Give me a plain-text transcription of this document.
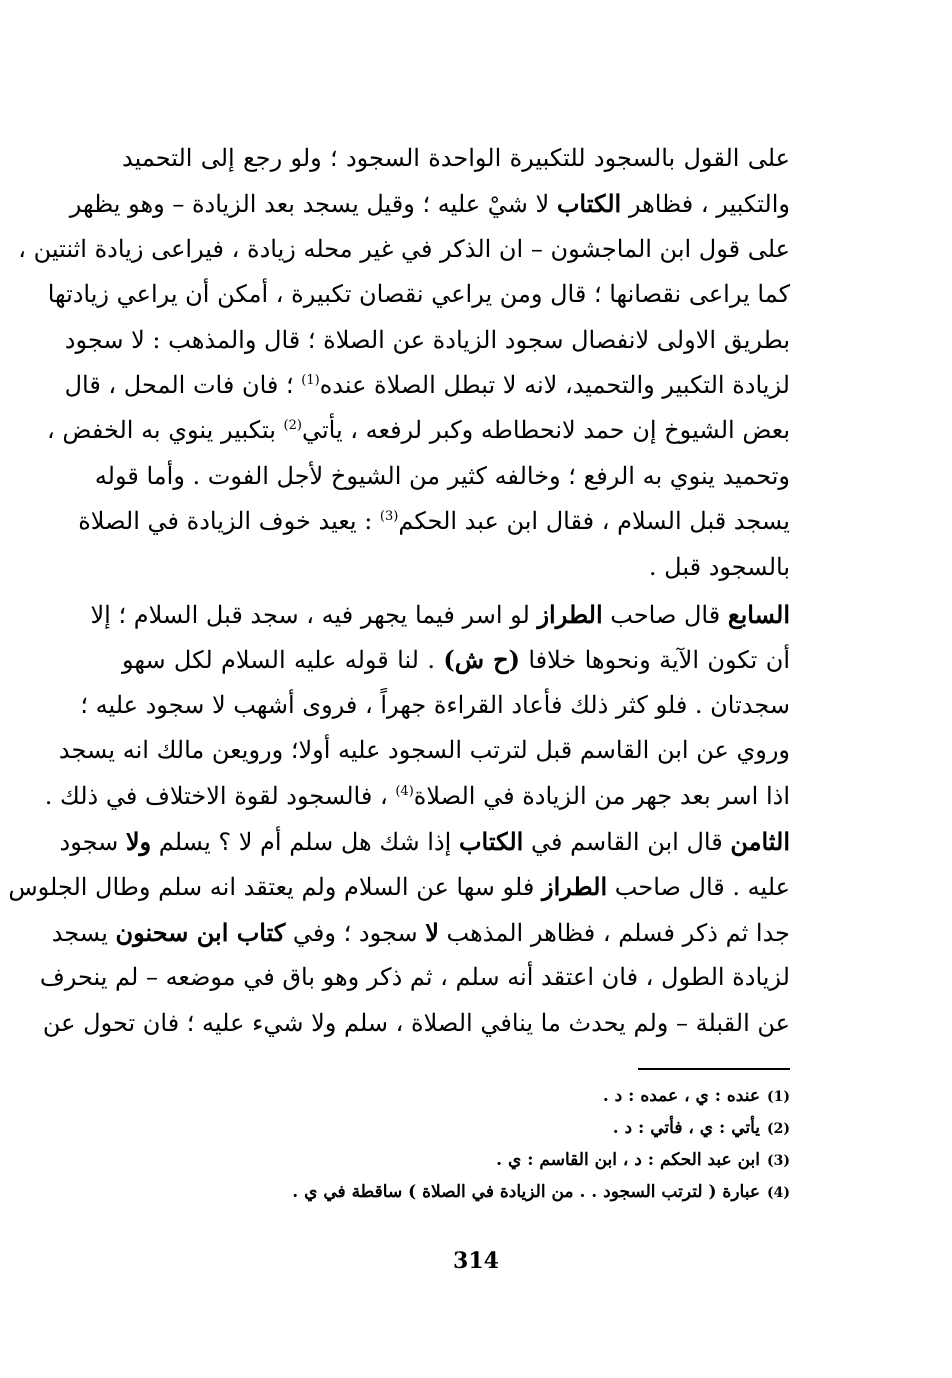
على القول بالسجود للتكبيرة الواحدة السجود ؛ ولو رجع إلى التحميد
والتكبير ، فظاهر الكتاب لا شيْ عليه ؛ وقيل يسجد بعد الزيادة – وهو يظهر
على قول ابن الماجشون – ان الذكر في غير محله زيادة ، فيراعى زيادة اثنتين ،
كما يراعى نقصانها ؛ قال ومن يراعي نقصان تكبيرة ، أمكن أن يراعي زيادتها
بطريق الاولى لانفصال سجود الزيادة عن الصلاة ؛ قال والمذهب : لا سجود
لزيادة التكبير والتحميد، لانه لا تبطل الصلاة عنده$^{(1)}$ ؛ فان فات المحل ، قال
بعض الشيوخ إن حمد لانحطاطه وكبر لرفعه ، يأتي$^{(2)}$ بتكبير ينوي به الخفض ،
وتحميد ينوي به الرفع ؛ وخالفه كثير من الشيوخ لأجل الفوت . وأما قوله
يسجد قبل السلام ، فقال ابن عبد الحكم$^{(3)}$ : يعيد خوف الزيادة في الصلاة
بالسجود قبل .
السابع قال صاحب الطراز لو اسر فيما يجهر فيه ، سجد قبل السلام ؛ إلا
أن تكون الآية ونحوها خلافا (ح ش) . لنا قوله عليه السلام لكل سهو
سجدتان . فلو كثر ذلك فأعاد القراءة جهراً ، فروى أشهب لا سجود عليه ؛
وروي عن ابن القاسم قبل لترتب السجود عليه أولا؛ ورويعن مالك انه يسجد
اذا اسر بعد جهر من الزيادة في الصلاة$^{(4)}$ ، فالسجود لقوة الاختلاف في ذلك .
الثامن قال ابن القاسم في الكتاب إذا شك هل سلم أم لا ؟ يسلم ولا سجود
عليه . قال صاحب الطراز فلو سها عن السلام ولم يعتقد انه سلم وطال الجلوس
جدا ثم ذكر فسلم ، فظاهر المذهب لا سجود ؛ وفي كتاب ابن سحنون يسجد
لزيادة الطول ، فان اعتقد أنه سلم ، ثم ذكر وهو باق في موضعه – لم ينحرف
عن القبلة – ولم يحدث ما ينافي الصلاة ، سلم ولا شيء عليه ؛ فان تحول عن
(1)عنده : ي ، عمده : د .
(2)يأتي : ي ، فأتي : د .
(3)ابن عبد الحكم : د ، ابن القاسم : ي .
(4)عبارة ( لترتب السجود . . من الزيادة في الصلاة ) ساقطة في ي .
314
